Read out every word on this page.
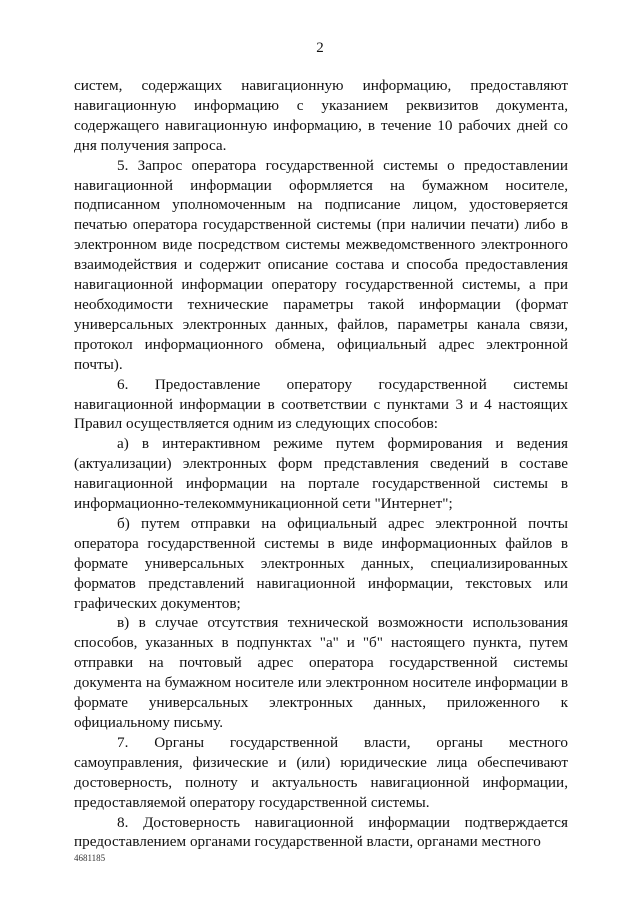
2

систем, содержащих навигационную информацию, предоставляют навигационную информацию с указанием реквизитов документа, содержащего навигационную информацию, в течение 10 рабочих дней со дня получения запроса.

5. Запрос оператора государственной системы о предоставлении навигационной информации оформляется на бумажном носителе, подписанном уполномоченным на подписание лицом, удостоверяется печатью оператора государственной системы (при наличии печати) либо в электронном виде посредством системы межведомственного электронного взаимодействия и содержит описание состава и способа предоставления навигационной информации оператору государственной системы, а при необходимости технические параметры такой информации (формат универсальных электронных данных, файлов, параметры канала связи, протокол информационного обмена, официальный адрес электронной почты).

6. Предоставление оператору государственной системы навигационной информации в соответствии с пунктами 3 и 4 настоящих Правил осуществляется одним из следующих способов:

а) в интерактивном режиме путем формирования и ведения (актуализации) электронных форм представления сведений в составе навигационной информации на портале государственной системы в информационно-телекоммуникационной сети "Интернет";

б) путем отправки на официальный адрес электронной почты оператора государственной системы в виде информационных файлов в формате универсальных электронных данных, специализированных форматов представлений навигационной информации, текстовых или графических документов;

в) в случае отсутствия технической возможности использования способов, указанных в подпунктах "а" и "б" настоящего пункта, путем отправки на почтовый адрес оператора государственной системы документа на бумажном носителе или электронном носителе информации в формате универсальных электронных данных, приложенного к официальному письму.

7. Органы государственной власти, органы местного самоуправления, физические и (или) юридические лица обеспечивают достоверность, полноту и актуальность навигационной информации, предоставляемой оператору государственной системы.

8. Достоверность навигационной информации подтверждается предоставлением органами государственной власти, органами местного

4681185
